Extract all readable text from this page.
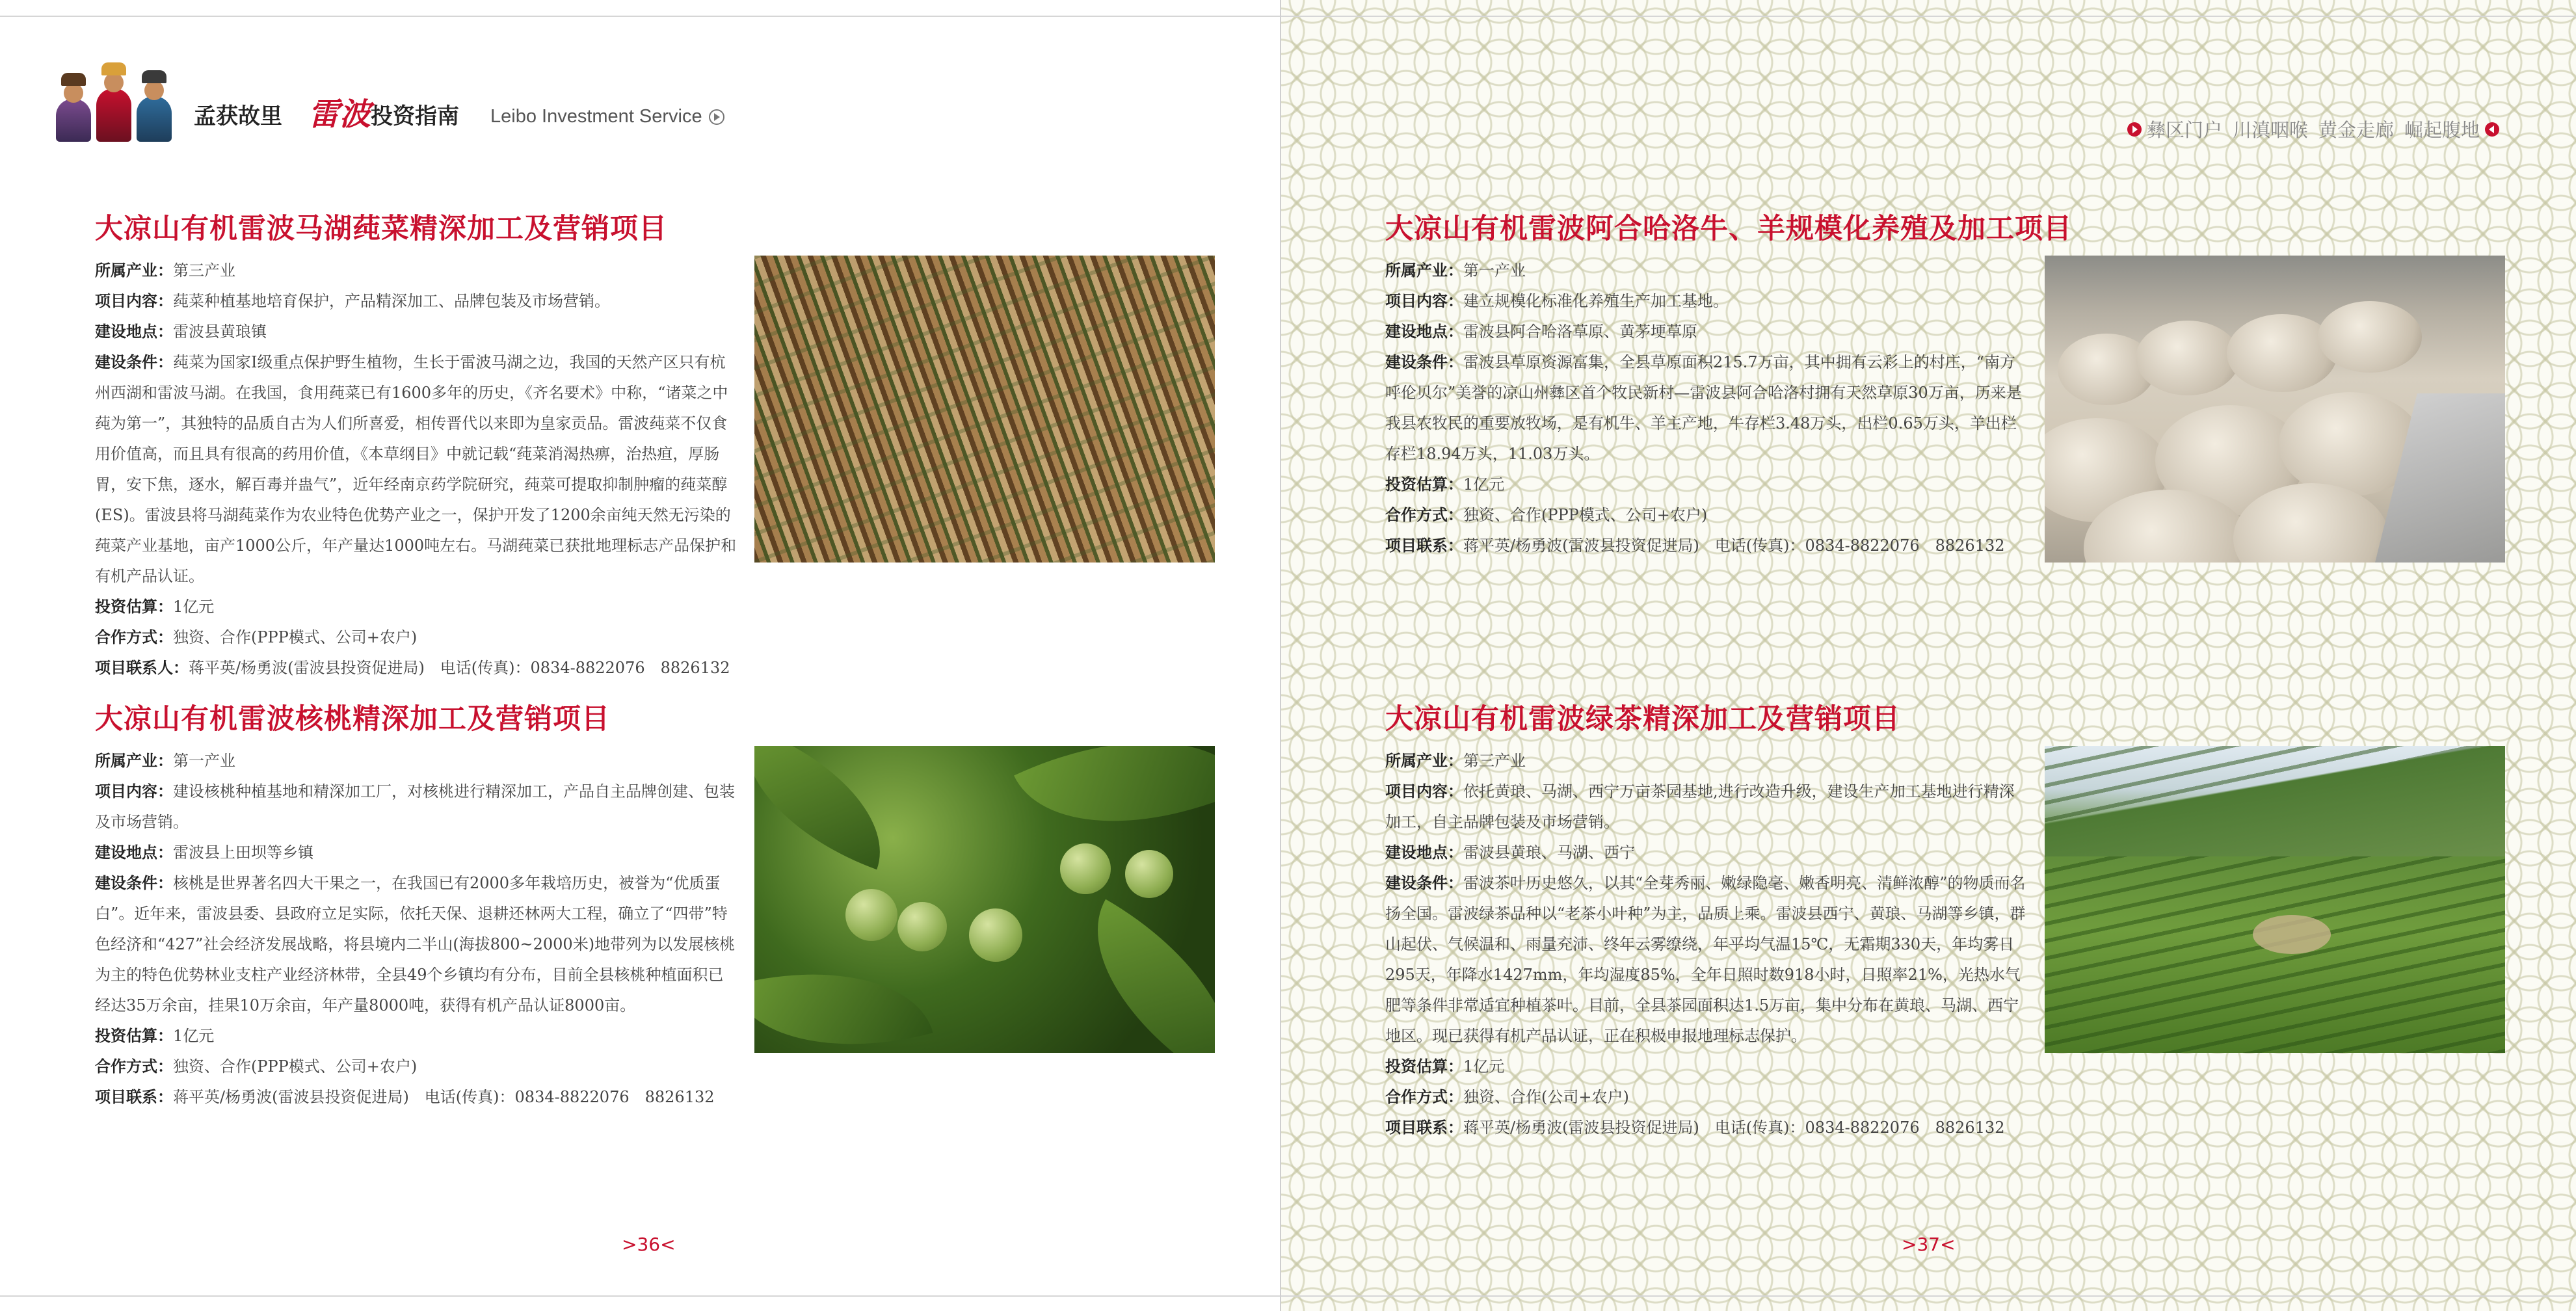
孟获故里 雷波 投资指南 Leibo Investment Service
大凉山有机雷波马湖莼菜精深加工及营销项目

所属产业：第三产业

项目内容：莼菜种植基地培育保护，产品精深加工、品牌包装及市场营销。

建设地点：雷波县黄琅镇

建设条件：莼菜为国家Ⅰ级重点保护野生植物，生长于雷波马湖之边，我国的天然产区只有杭州西湖和雷波马湖。在我国，食用莼菜已有1600多年的历史，《齐名要术》中称，“诸菜之中莼为第一”，其独特的品质自古为人们所喜爱，相传晋代以来即为皇家贡品。雷波莼菜不仅食用价值高，而且具有很高的药用价值，《本草纲目》中就记载“莼菜消渴热痹，治热疸，厚肠胃，安下焦，逐水，解百毒并蛊气”，近年经南京药学院研究，莼菜可提取抑制肿瘤的莼菜醇(ES)。雷波县将马湖莼菜作为农业特色优势产业之一，保护开发了1200余亩纯天然无污染的莼菜产业基地，亩产1000公斤，年产量达1000吨左右。马湖莼菜已获批地理标志产品保护和有机产品认证。

投资估算：1亿元

合作方式：独资、合作(PPP模式、公司+农户)

项目联系人：蒋平英/杨勇波(雷波县投资促进局)　电话(传真)：0834-8822076　8826132

大凉山有机雷波核桃精深加工及营销项目

所属产业：第一产业

项目内容：建设核桃种植基地和精深加工厂，对核桃进行精深加工，产品自主品牌创建、包装及市场营销。

建设地点：雷波县上田坝等乡镇

建设条件：核桃是世界著名四大干果之一，在我国已有2000多年栽培历史，被誉为“优质蛋白”。近年来，雷波县委、县政府立足实际，依托天保、退耕还林两大工程，确立了“四带”特色经济和“427”社会经济发展战略，将县境内二半山(海拔800~2000米)地带列为以发展核桃为主的特色优势林业支柱产业经济林带，全县49个乡镇均有分布，目前全县核桃种植面积已经达35万余亩，挂果10万余亩，年产量8000吨，获得有机产品认证8000亩。

投资估算：1亿元

合作方式：独资、合作(PPP模式、公司+农户)

项目联系：蒋平英/杨勇波(雷波县投资促进局)　电话(传真)：0834-8822076　8826132

>36<
彝区门户 川滇咽喉 黄金走廊 崛起腹地
大凉山有机雷波阿合哈洛牛、羊规模化养殖及加工项目

所属产业：第一产业

项目内容：建立规模化标准化养殖生产加工基地。

建设地点：雷波县阿合哈洛草原、黄茅埂草原

建设条件：雷波县草原资源富集，全县草原面积215.7万亩，其中拥有云彩上的村庄，“南方呼伦贝尔”美誉的凉山州彝区首个牧民新村—雷波县阿合哈洛村拥有天然草原30万亩，历来是我县农牧民的重要放牧场，是有机牛、羊主产地，牛存栏3.48万头，出栏0.65万头，羊出栏存栏18.94万头，11.03万头。

投资估算：1亿元

合作方式：独资、合作(PPP模式、公司+农户)

项目联系：蒋平英/杨勇波(雷波县投资促进局)　电话(传真)：0834-8822076　8826132

大凉山有机雷波绿茶精深加工及营销项目

所属产业：第三产业

项目内容：依托黄琅、马湖、西宁万亩茶园基地,进行改造升级，建设生产加工基地进行精深加工，自主品牌包装及市场营销。

建设地点：雷波县黄琅、马湖、西宁

建设条件：雷波茶叶历史悠久，以其“全芽秀丽、嫩绿隐毫、嫩香明亮、清鲜浓醇”的物质而名扬全国。雷波绿茶品种以“老茶小叶种”为主，品质上乘。雷波县西宁、黄琅、马湖等乡镇，群山起伏、气候温和、雨量充沛、终年云雾缭绕，年平均气温15℃，无霜期330天，年均雾日295天，年降水1427mm，年均湿度85%，全年日照时数918小时，日照率21%，光热水气肥等条件非常适宜种植茶叶。目前，全县茶园面积达1.5万亩，集中分布在黄琅、马湖、西宁地区。现已获得有机产品认证，正在积极申报地理标志保护。

投资估算：1亿元

合作方式：独资、合作(公司+农户)

项目联系：蒋平英/杨勇波(雷波县投资促进局)　电话(传真)：0834-8822076　8826132

>37<
